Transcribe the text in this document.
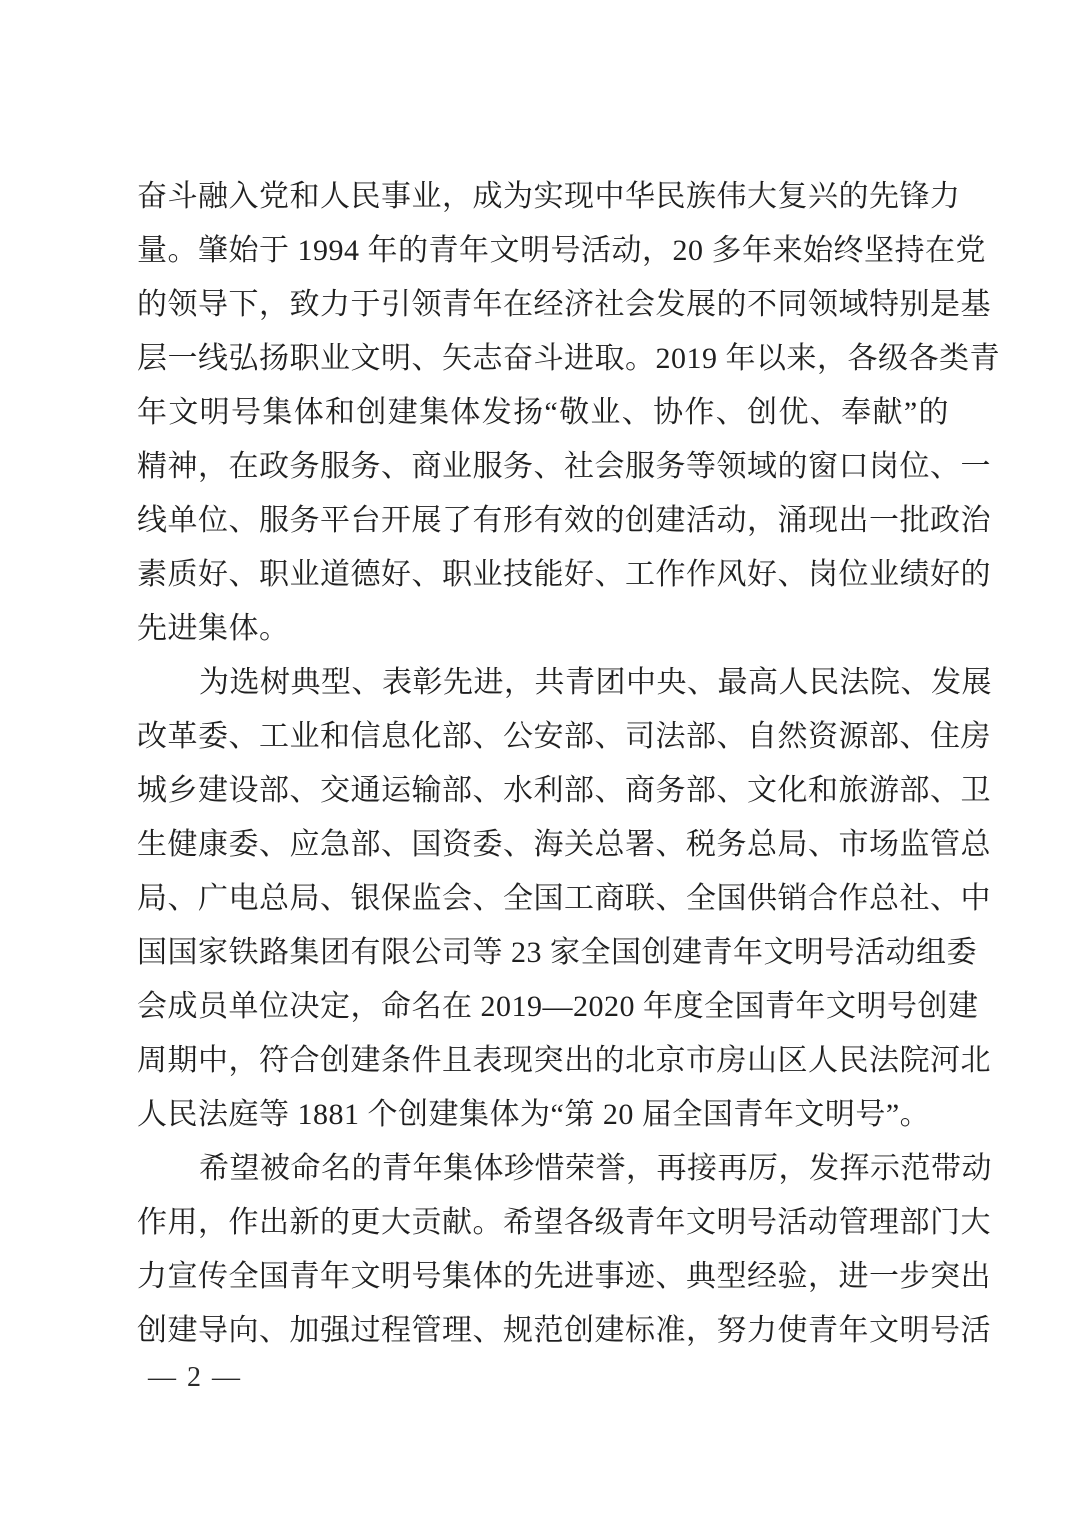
奋斗融入党和人民事业，成为实现中华民族伟大复兴的先锋力
量。肇始于 1994 年的青年文明号活动，20 多年来始终坚持在党
的领导下，致力于引领青年在经济社会发展的不同领域特别是基
层一线弘扬职业文明、矢志奋斗进取。2019 年以来，各级各类青
年文明号集体和创建集体发扬“敬业、协作、创优、奉献”的
精神，在政务服务、商业服务、社会服务等领域的窗口岗位、一
线单位、服务平台开展了有形有效的创建活动，涌现出一批政治
素质好、职业道德好、职业技能好、工作作风好、岗位业绩好的
先进集体。
为选树典型、表彰先进，共青团中央、最高人民法院、发展
改革委、工业和信息化部、公安部、司法部、自然资源部、住房
城乡建设部、交通运输部、水利部、商务部、文化和旅游部、卫
生健康委、应急部、国资委、海关总署、税务总局、市场监管总
局、广电总局、银保监会、全国工商联、全国供销合作总社、中
国国家铁路集团有限公司等 23 家全国创建青年文明号活动组委
会成员单位决定，命名在 2019—2020 年度全国青年文明号创建
周期中，符合创建条件且表现突出的北京市房山区人民法院河北
人民法庭等 1881 个创建集体为“第 20 届全国青年文明号”。
希望被命名的青年集体珍惜荣誉，再接再厉，发挥示范带动
作用，作出新的更大贡献。希望各级青年文明号活动管理部门大
力宣传全国青年文明号集体的先进事迹、典型经验，进一步突出
创建导向、加强过程管理、规范创建标准，努力使青年文明号活
— 2 —
